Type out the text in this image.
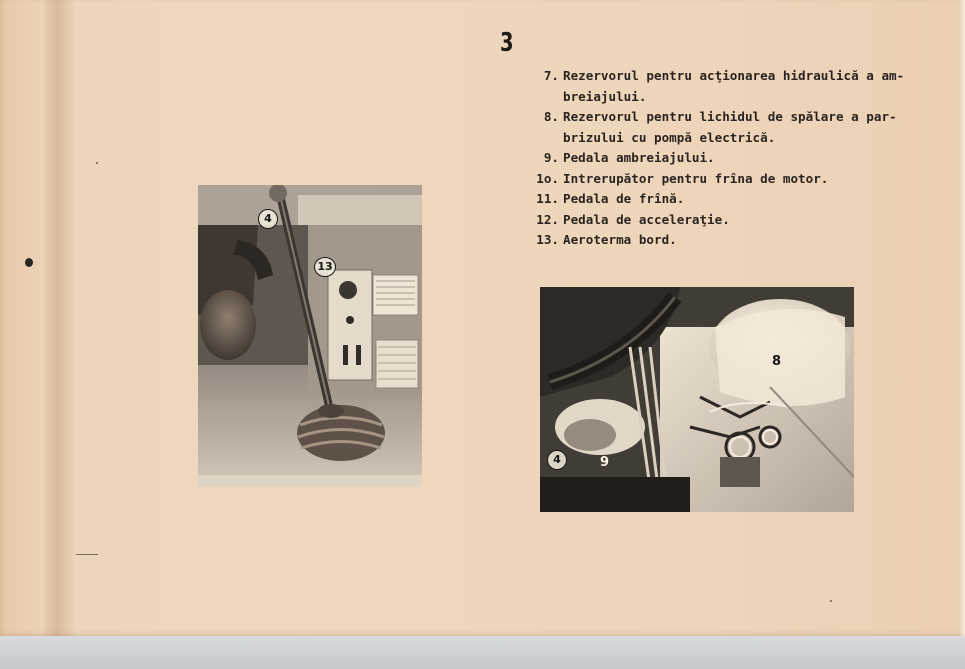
3
7. Rezervorul pentru acţionarea hidraulică a am-
breiajului.
8. Rezervorul pentru lichidul de spălare a par-
brizului cu pompă electrică.
9. Pedala ambreiajului.
1o. Intrerupător pentru frîna de motor.
11. Pedala de frînă.
12. Pedala de acceleraţie.
13. Aeroterma bord.
4
13
8
4	9
